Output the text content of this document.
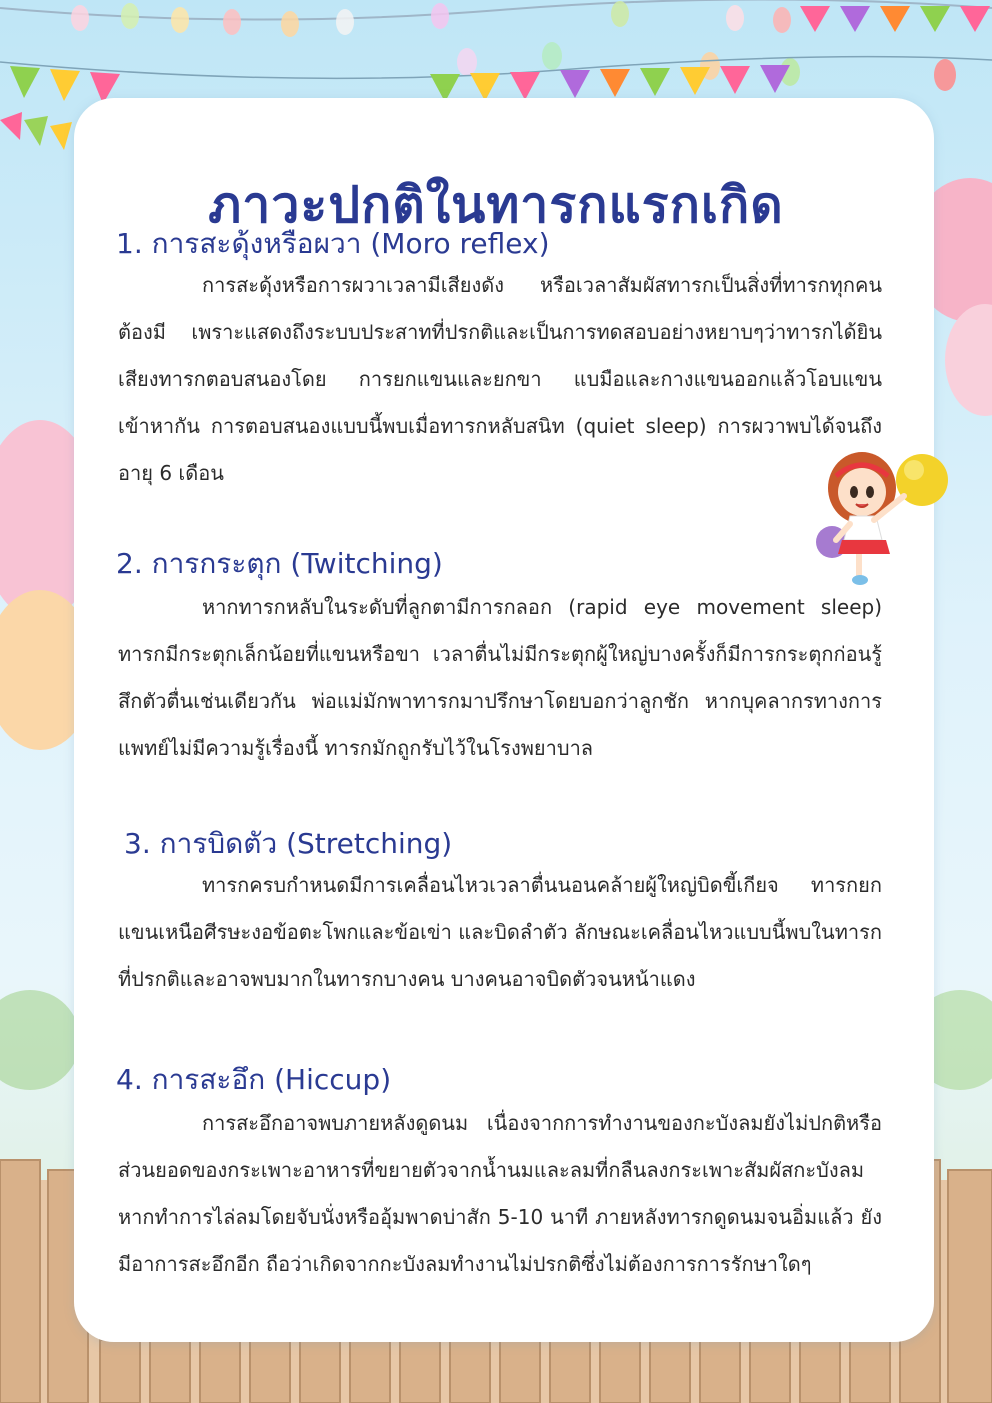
ภาวะปกติในทารกแรกเกิด
1. การสะดุ้งหรือผวา (Moro reflex)

การสะดุ้งหรือการผวาเวลามีเสียงดัง หรือเวลาสัมผัสทารกเป็นสิ่งที่ทารกทุกคนต้องมี เพราะแสดงถึงระบบประสาทที่ปรกติและเป็นการทดสอบอย่างหยาบๆว่าทารกได้ยินเสียงทารกตอบสนองโดย การยกแขนและยกขา แบมือและกางแขนออกแล้วโอบแขนเข้าหากัน การตอบสนองแบบนี้พบเมื่อทารกหลับสนิท (quiet sleep) การผวาพบได้จนถึงอายุ 6 เดือน

2. การกระตุก (Twitching)

หากทารกหลับในระดับที่ลูกตามีการกลอก (rapid eye movement sleep) ทารกมีกระตุกเล็กน้อยที่แขนหรือขา เวลาตื่นไม่มีกระตุกผู้ใหญ่บางครั้งก็มีการกระตุกก่อนรู้สึกตัวตื่นเช่นเดียวกัน พ่อแม่มักพาทารกมาปรึกษาโดยบอกว่าลูกชัก หากบุคลากรทางการแพทย์ไม่มีความรู้เรื่องนี้ ทารกมักถูกรับไว้ในโรงพยาบาล

3. การบิดตัว (Stretching)

ทารกครบกำหนดมีการเคลื่อนไหวเวลาตื่นนอนคล้ายผู้ใหญ่บิดขี้เกียจ ทารกยกแขนเหนือศีรษะงอข้อตะโพกและข้อเข่า และบิดลำตัว ลักษณะเคลื่อนไหวแบบนี้พบในทารกที่ปรกติและอาจพบมากในทารกบางคน บางคนอาจบิดตัวจนหน้าแดง

4. การสะอึก (Hiccup)

การสะอึกอาจพบภายหลังดูดนม เนื่องจากการทำงานของกะบังลมยังไม่ปกติหรือส่วนยอดของกระเพาะอาหารที่ขยายตัวจากน้ำนมและลมที่กลืนลงกระเพาะสัมผัสกะบังลม หากทำการไล่ลมโดยจับนั่งหรืออุ้มพาดบ่าสัก 5-10 นาที ภายหลังทารกดูดนมจนอิ่มแล้ว ยังมีอาการสะอึกอีก ถือว่าเกิดจากกะบังลมทำงานไม่ปรกติซึ่งไม่ต้องการการรักษาใดๆ
